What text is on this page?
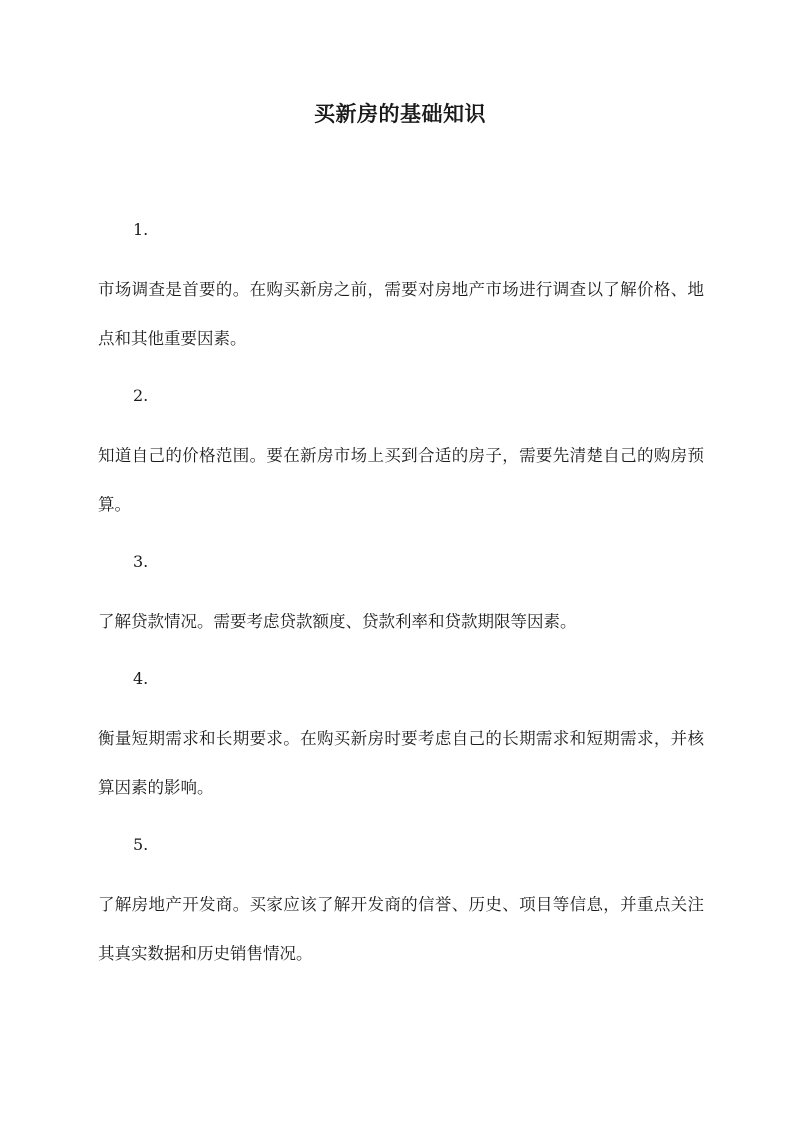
买新房的基础知识

1.

市场调查是首要的。在购买新房之前，需要对房地产市场进行调查以了解价格、地点和其他重要因素。

2.

知道自己的价格范围。要在新房市场上买到合适的房子，需要先清楚自己的购房预算。

3.

了解贷款情况。需要考虑贷款额度、贷款利率和贷款期限等因素。

4.

衡量短期需求和长期要求。在购买新房时要考虑自己的长期需求和短期需求，并核算因素的影响。

5.

了解房地产开发商。买家应该了解开发商的信誉、历史、项目等信息，并重点关注其真实数据和历史销售情况。
